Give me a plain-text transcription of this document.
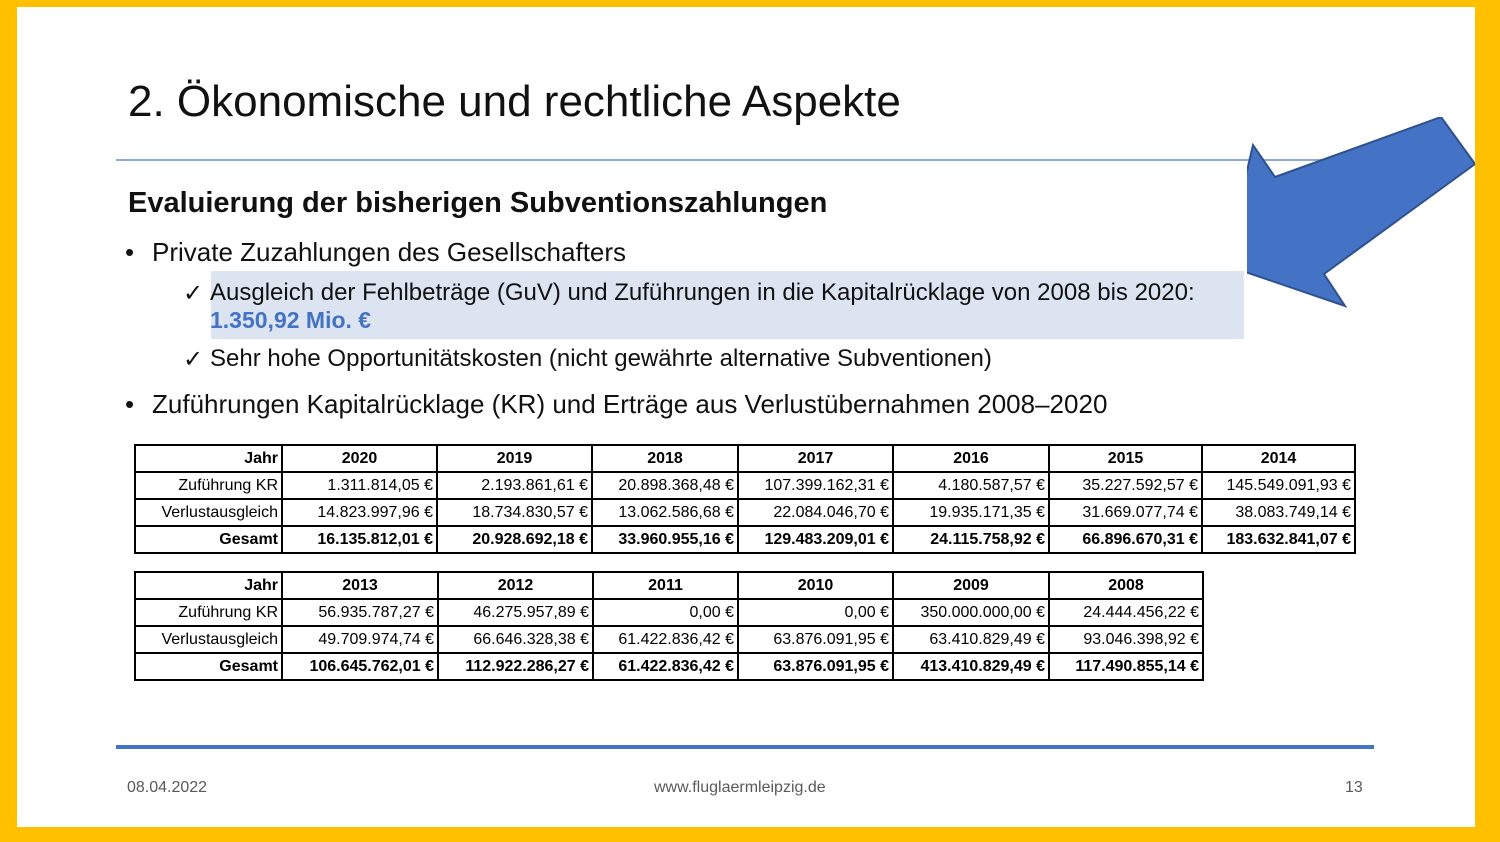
2. Ökonomische und rechtliche Aspekte
Evaluierung der bisherigen Subventionszahlungen
• Private Zuzahlungen des Gesellschafters
✓ Ausgleich der Fehlbeträge (GuV) und Zuführungen in die Kapitalrücklage von 2008 bis 2020:
1.350,92 Mio. €
✓ Sehr hohe Opportunitätskosten (nicht gewährte alternative Subventionen)
• Zuführungen Kapitalrücklage (KR) und Erträge aus Verlustübernahmen 2008–2020
Jahr	2020	2019	2018	2017	2016	2015	2014
Zuführung KR	1.311.814,05 €	2.193.861,61 €	20.898.368,48 €	107.399.162,31 €	4.180.587,57 €	35.227.592,57 €	145.549.091,93 €
Verlustausgleich	14.823.997,96 €	18.734.830,57 €	13.062.586,68 €	22.084.046,70 €	19.935.171,35 €	31.669.077,74 €	38.083.749,14 €
Gesamt	16.135.812,01 €	20.928.692,18 €	33.960.955,16 €	129.483.209,01 €	24.115.758,92 €	66.896.670,31 €	183.632.841,07 €
Jahr	2013	2012	2011	2010	2009	2008
Zuführung KR	56.935.787,27 €	46.275.957,89 €	0,00 €	0,00 €	350.000.000,00 €	24.444.456,22 €
Verlustausgleich	49.709.974,74 €	66.646.328,38 €	61.422.836,42 €	63.876.091,95 €	63.410.829,49 €	93.046.398,92 €
Gesamt	106.645.762,01 €	112.922.286,27 €	61.422.836,42 €	63.876.091,95 €	413.410.829,49 €	117.490.855,14 €
08.04.2022	www.fluglaermleipzig.de	13
